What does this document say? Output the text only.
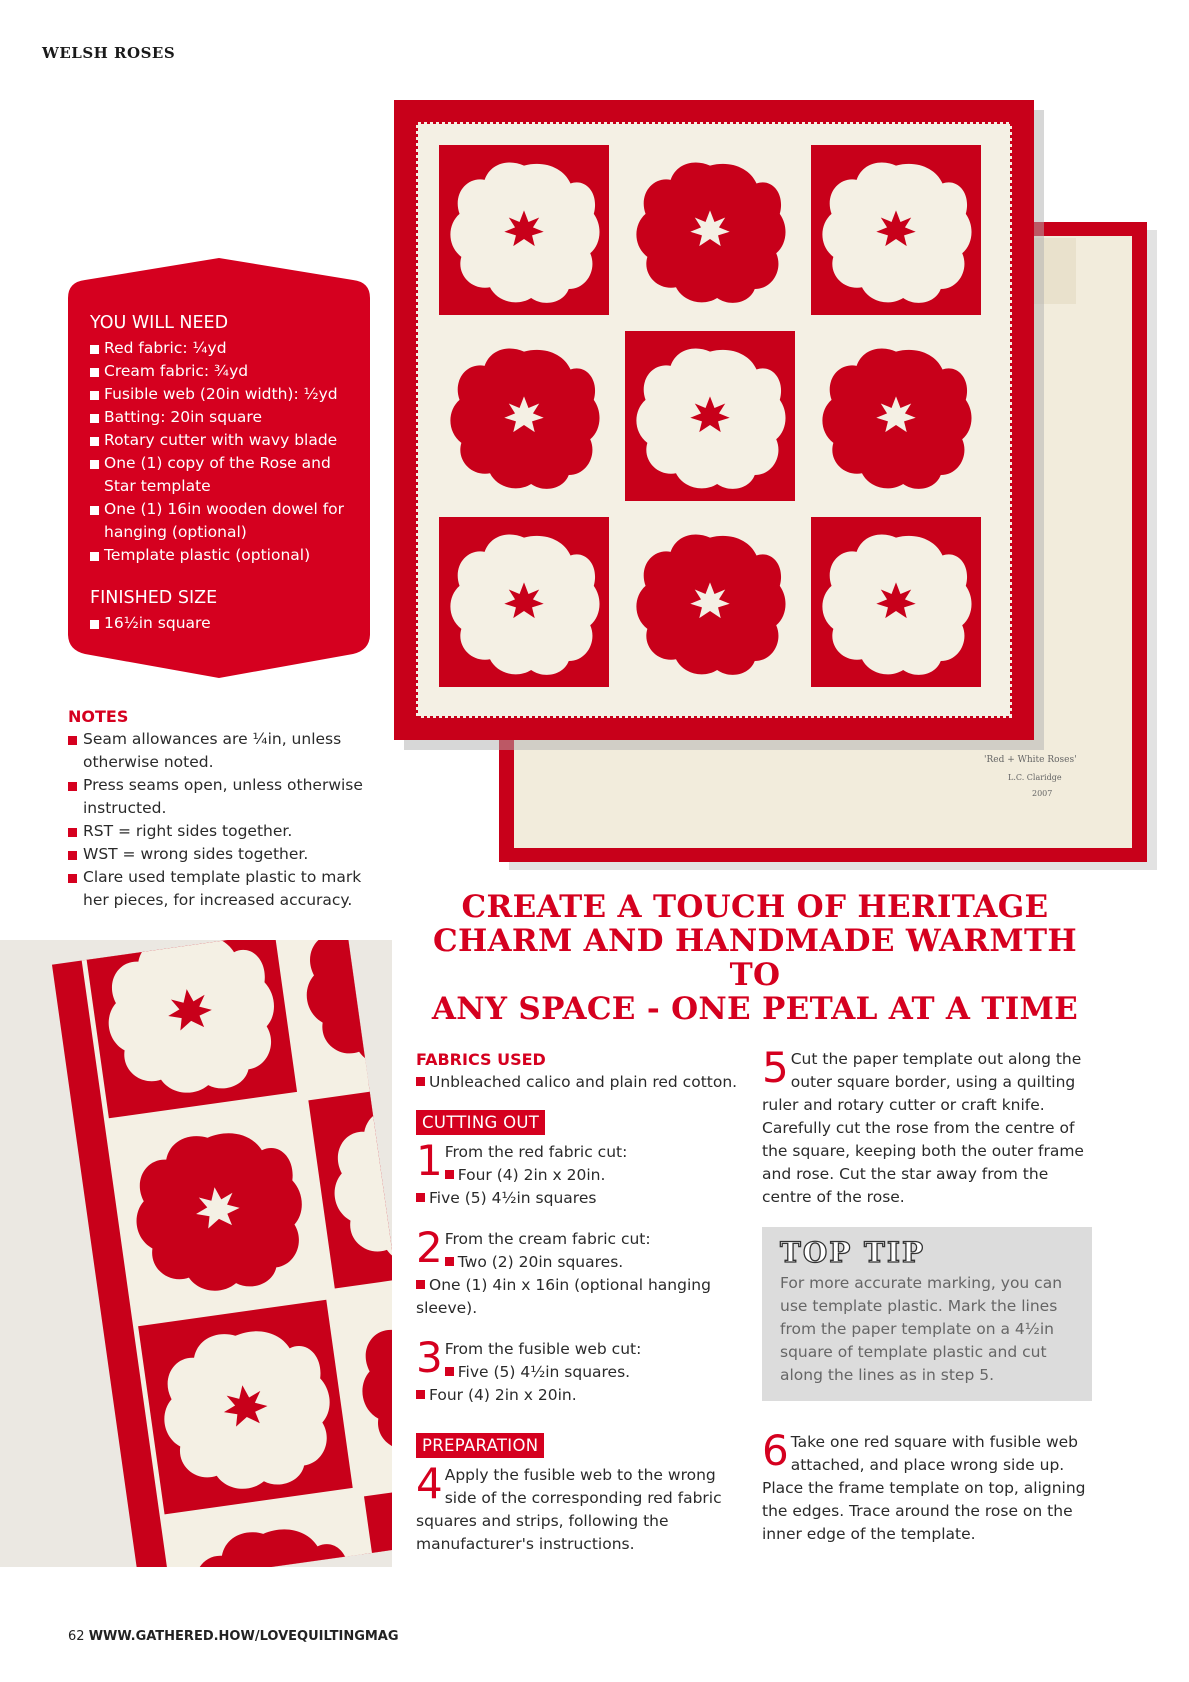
WELSH ROSES
'Red + White Roses'
L.C. Claridge
2007
YOU WILL NEED
Red fabric: ¼yd
Cream fabric: ¾yd
Fusible web (20in width): ½yd
Batting: 20in square
Rotary cutter with wavy blade
One (1) copy of the Rose and Star template
One (1) 16in wooden dowel for hanging (optional)
Template plastic (optional)
FINISHED SIZE
16½in square
NOTES
Seam allowances are ¼in, unless otherwise noted.
Press seams open, unless otherwise instructed.
RST = right sides together.
WST = wrong sides together.
Clare used template plastic to mark her pieces, for increased accuracy.	CREATE A TOUCH OF HERITAGE
CHARM AND HANDMADE WARMTH TO
ANY SPACE - ONE PETAL AT A TIME
FABRICS USED
Unbleached calico and plain red cotton.
CUTTING OUT
1 From the red fabric cut:
Four (4) 2in x 20in.
Five (5) 4½in squares
2 From the cream fabric cut:
Two (2) 20in squares.
One (1) 4in x 16in (optional hanging sleeve).
3 From the fusible web cut:
Five (5) 4½in squares.
Four (4) 2in x 20in.
PREPARATION
4 Apply the fusible web to the wrong side of the corresponding red fabric squares and strips, following the manufacturer's instructions.
5 Cut the paper template out along the outer square border, using a quilting ruler and rotary cutter or craft knife. Carefully cut the rose from the centre of the square, keeping both the outer frame and rose. Cut the star away from the centre of the rose.
TOP TIP
For more accurate marking, you can use template plastic. Mark the lines from the paper template on a 4½in square of template plastic and cut along the lines as in step 5.
6 Take one red square with fusible web attached, and place wrong side up. Place the frame template on top, aligning the edges. Trace around the rose on the inner edge of the template.
62 WWW.GATHERED.HOW/LOVEQUILTINGMAG
